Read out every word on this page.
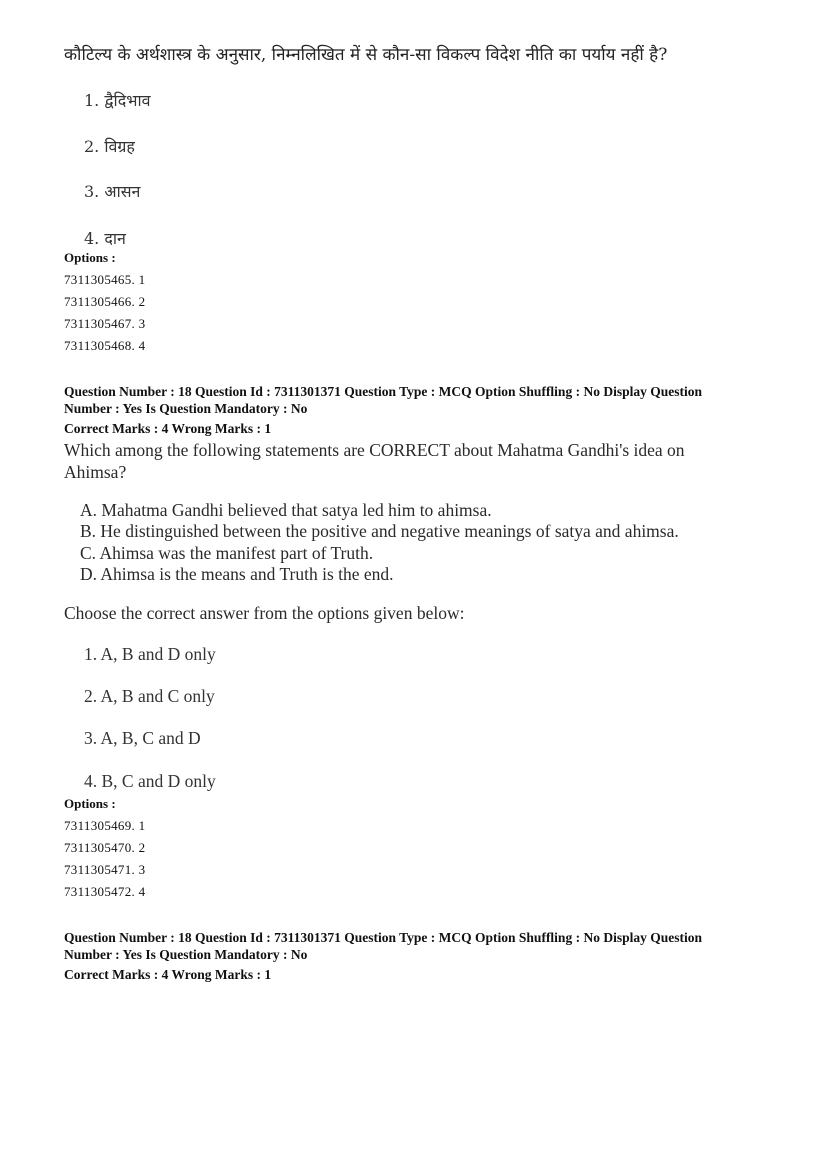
कौटिल्य के अर्थशास्त्र के अनुसार, निम्नलिखित में से कौन-सा विकल्प विदेश नीति का पर्याय नहीं है?
1. द्वैदिभाव
2. विग्रह
3. आसन
4. दान
Options :
7311305465. 1
7311305466. 2
7311305467. 3
7311305468. 4
Question Number : 18 Question Id : 7311301371 Question Type : MCQ Option Shuffling : No Display Question
Number : Yes Is Question Mandatory : No
Correct Marks : 4 Wrong Marks : 1
Which among the following statements are CORRECT about Mahatma Gandhi's idea on
Ahimsa?
A. Mahatma Gandhi believed that satya led him to ahimsa.
B. He distinguished between the positive and negative meanings of satya and ahimsa.
C. Ahimsa was the manifest part of Truth.
D. Ahimsa is the means and Truth is the end.
Choose the correct answer from the options given below:
1. A, B and D only
2. A, B and C only
3. A, B, C and D
4. B, C and D only
Options :
7311305469. 1
7311305470. 2
7311305471. 3
7311305472. 4
Question Number : 18 Question Id : 7311301371 Question Type : MCQ Option Shuffling : No Display Question
Number : Yes Is Question Mandatory : No
Correct Marks : 4 Wrong Marks : 1
